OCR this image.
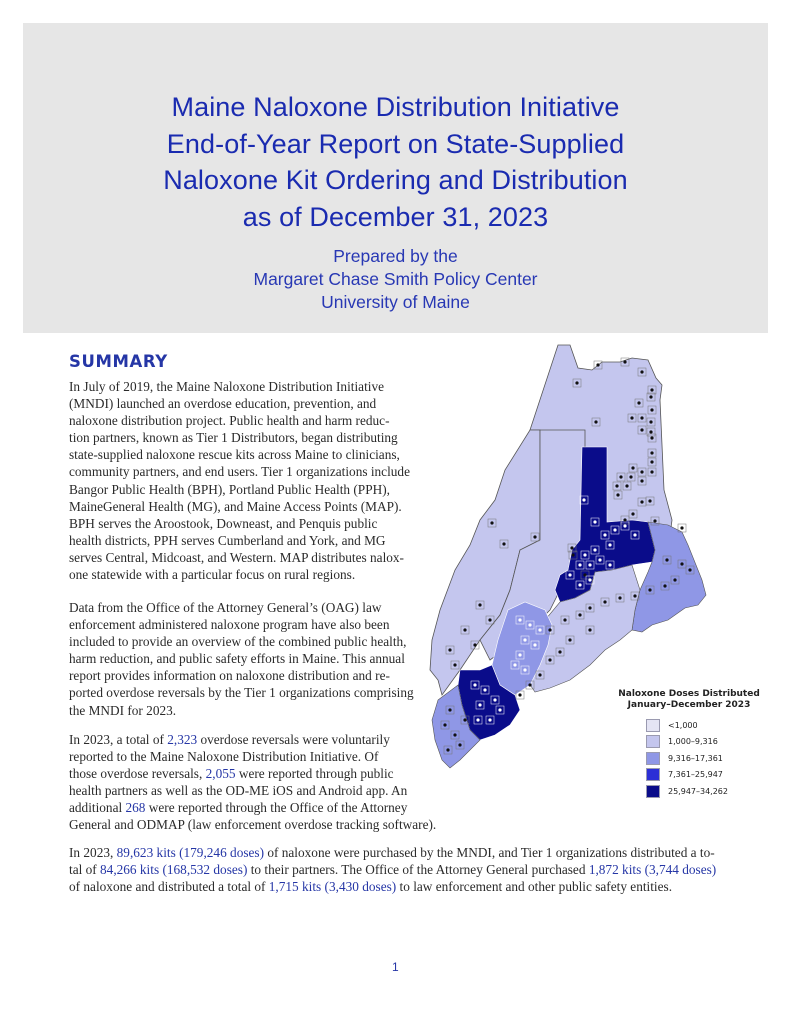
Maine Naloxone Distribution Initiative
End-of-Year Report on State-Supplied
Naloxone Kit Ordering and Distribution
as of December 31, 2023
Prepared by the
Margaret Chase Smith Policy Center
University of Maine
SUMMARY
In July of 2019, the Maine Naloxone Distribution Initiative
(MNDI) launched an overdose education, prevention, and
naloxone distribution project. Public health and harm reduc-
tion partners, known as Tier 1 Distributors, began distributing
state-supplied naloxone rescue kits across Maine to clinicians,
community partners, and end users. Tier 1 organizations include
Bangor Public Health (BPH), Portland Public Health (PPH),
MaineGeneral Health (MG), and Maine Access Points (MAP).
BPH serves the Aroostook, Downeast, and Penquis public
health districts, PPH serves Cumberland and York, and MG
serves Central, Midcoast, and Western. MAP distributes nalox-
one statewide with a particular focus on rural regions.
Data from the Office of the Attorney General’s (OAG) law
enforcement administered naloxone program have also been
included to provide an overview of the combined public health,
harm reduction, and public safety efforts in Maine. This annual
report provides information on naloxone distribution and re-
ported overdose reversals by the Tier 1 organizations comprising
the MNDI for 2023.
In 2023, a total of 2,323 overdose reversals were voluntarily
reported to the Maine Naloxone Distribution Initiative. Of
those overdose reversals, 2,055 were reported through public
health partners as well as the OD-ME iOS and Android app. An
additional 268 were reported through the Office of the Attorney
General and ODMAP (law enforcement overdose tracking software).
In 2023, 89,623 kits (179,246 doses) of naloxone were purchased by the MNDI, and Tier 1 organizations distributed a to-
tal of 84,266 kits (168,532 doses) to their partners. The Office of the Attorney General purchased 1,872 kits (3,744 doses)
of naloxone and distributed a total of 1,715 kits (3,430 doses) to law enforcement and other public safety entities.
Naloxone Doses Distributed
January–December 2023
<1,000
1,000–9,316
9,316–17,361
7,361–25,947
25,947–34,262
1
